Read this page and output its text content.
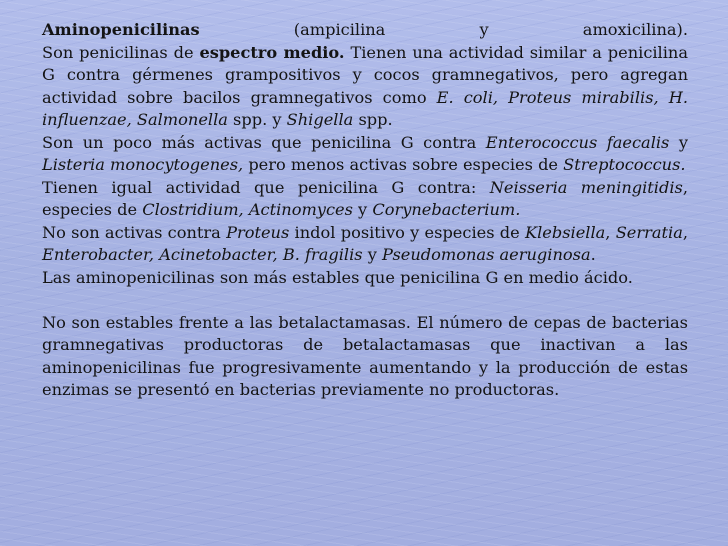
Aminopenicilinas	(ampicilina y amoxicilina).

Son penicilinas de espectro medio. Tienen una actividad similar a penicilina G contra gérmenes grampositivos y cocos gramnegativos, pero agregan actividad sobre bacilos gramnegativos como E. coli, Proteus mirabilis, H. influenzae, Salmonella spp. y Shigella spp.

Son un poco más activas que penicilina G contra Enterococcus faecalis y Listeria monocytogenes, pero menos activas sobre especies de Streptococcus.

Tienen igual actividad que penicilina G contra: Neisseria meningitidis, especies de Clostridium, Actinomyces y Corynebacterium.

No son activas contra Proteus indol positivo y especies de Klebsiella, Serratia, Enterobacter, Acinetobacter, B. fragilis y Pseudomonas aeruginosa.

Las aminopenicilinas son más estables que penicilina G en medio ácido.

No son estables frente a las betalactamasas. El número de cepas de bacterias gramnegativas productoras de betalactamasas que inactivan a las aminopenicilinas fue progresivamente aumentando y la producción de estas enzimas se presentó en bacterias previamente no productoras.
